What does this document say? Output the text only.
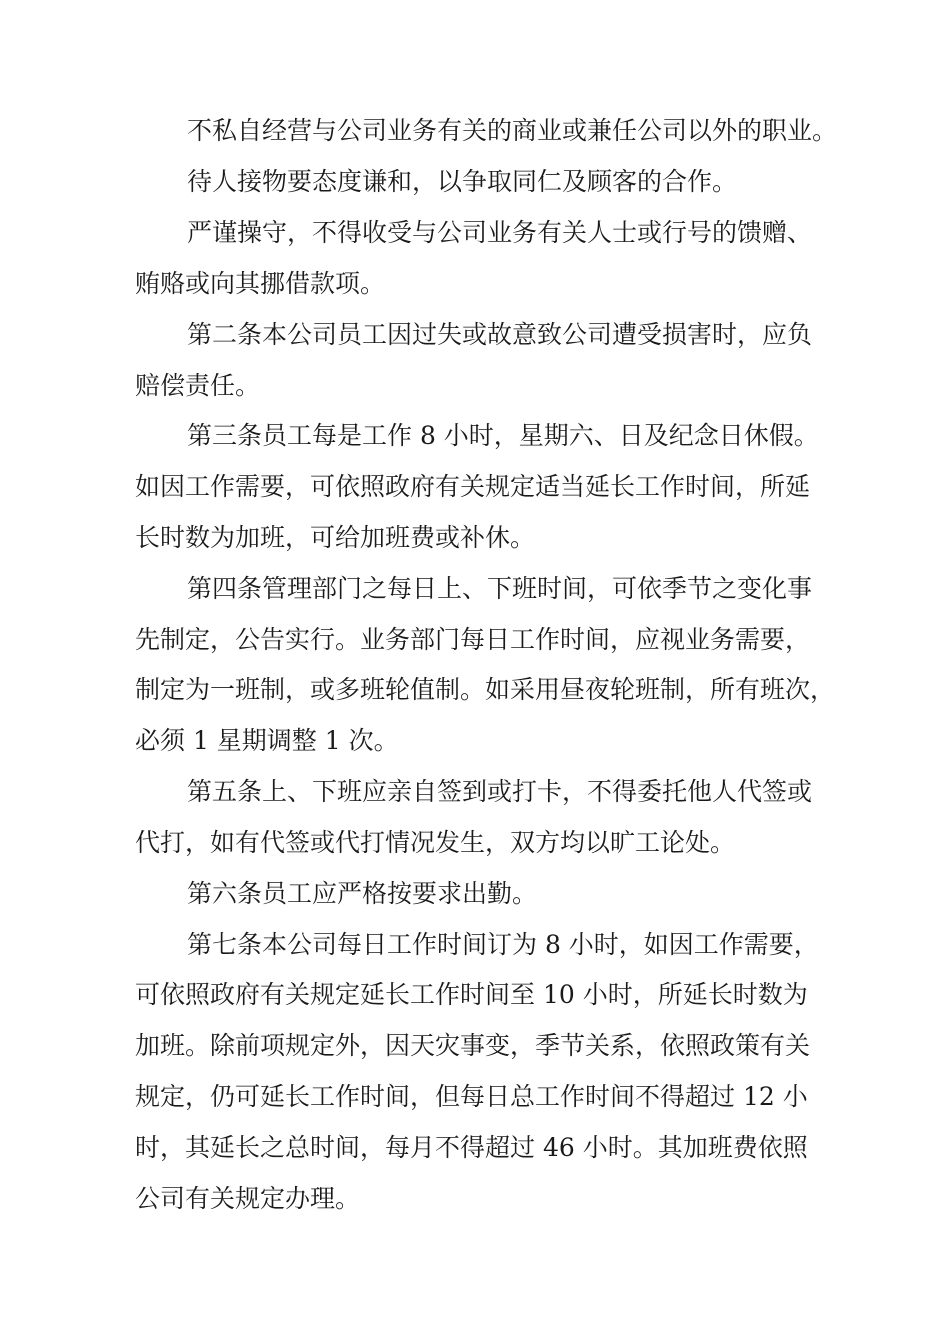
不私自经营与公司业务有关的商业或兼任公司以外的职业。

待人接物要态度谦和，以争取同仁及顾客的合作。

严谨操守，不得收受与公司业务有关人士或行号的馈赠、

贿赂或向其挪借款项。

第二条本公司员工因过失或故意致公司遭受损害时，应负

赔偿责任。

第三条员工每是工作 8 小时，星期六、日及纪念日休假。

如因工作需要，可依照政府有关规定适当延长工作时间，所延

长时数为加班，可给加班费或补休。

第四条管理部门之每日上、下班时间，可依季节之变化事

先制定，公告实行。业务部门每日工作时间，应视业务需要，

制定为一班制，或多班轮值制。如采用昼夜轮班制，所有班次，

必须 1 星期调整 1 次。

第五条上、下班应亲自签到或打卡，不得委托他人代签或

代打，如有代签或代打情况发生，双方均以旷工论处。

第六条员工应严格按要求出勤。

第七条本公司每日工作时间订为 8 小时，如因工作需要，

可依照政府有关规定延长工作时间至 10 小时，所延长时数为

加班。除前项规定外，因天灾事变，季节关系，依照政策有关

规定，仍可延长工作时间，但每日总工作时间不得超过 12 小

时，其延长之总时间，每月不得超过 46 小时。其加班费依照

公司有关规定办理。
